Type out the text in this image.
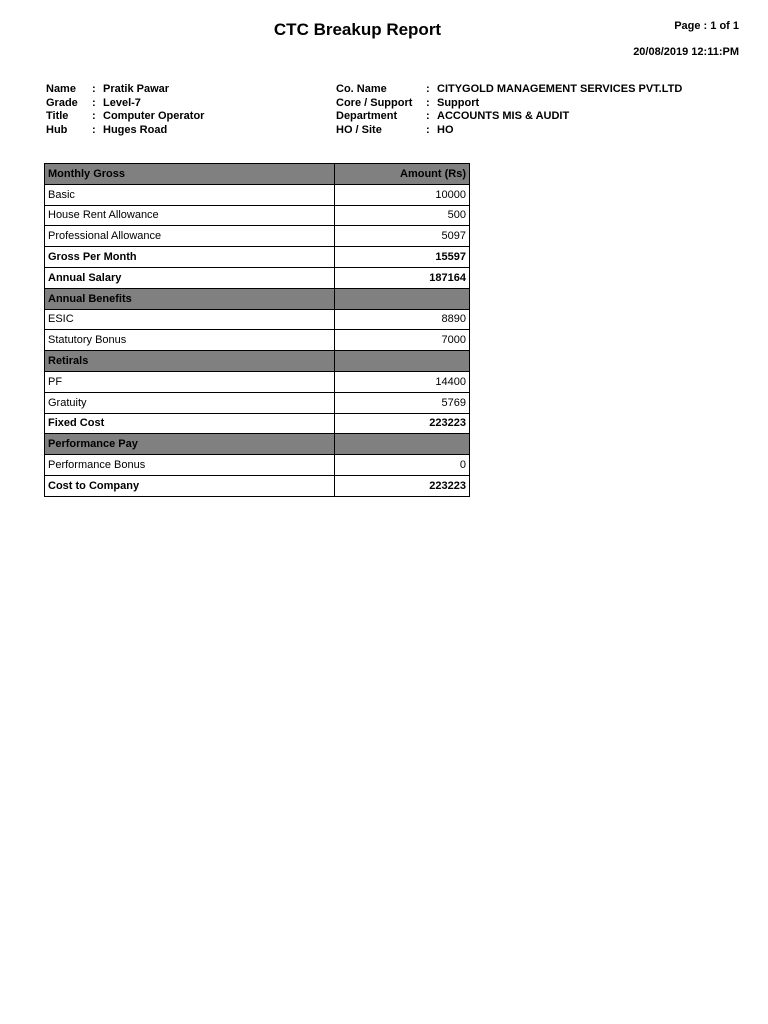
CTC Breakup Report	Page : 1 of 1
20/08/2019 12:11:PM
Name : Pratik Pawar
Grade : Level-7
Title : Computer Operator
Hub : Huges Road
Co. Name	: CITYGOLD MANAGEMENT SERVICES PVT.LTD
Core / Support : Support
Department	: ACCOUNTS MIS & AUDIT
HO / Site	: HO
Monthly Gross	Amount (Rs)
Basic	10000
House Rent Allowance	500
Professional Allowance	5097
Gross Per Month	15597
Annual Salary	187164
Annual Benefits	
ESIC	8890
Statutory Bonus	7000
Retirals	
PF	14400
Gratuity	5769
Fixed Cost	223223
Performance Pay	
Performance Bonus	0
Cost to Company	223223
